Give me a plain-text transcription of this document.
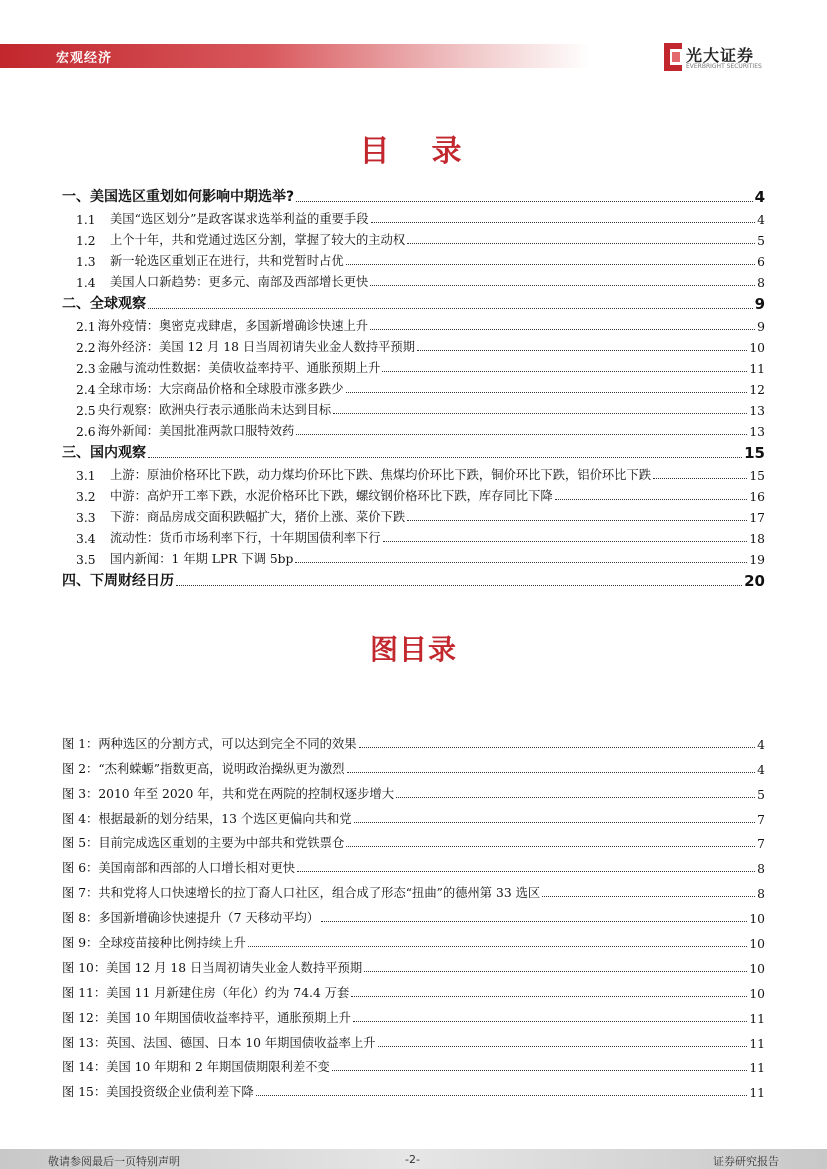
宏观经济	光大证券
EVERBRIGHT SECURITIES
目　录
一、美国选区重划如何影响中期选举?	4
1.1	美国“选区划分”是政客谋求选举利益的重要手段	4
1.2	上个十年，共和党通过选区分割，掌握了较大的主动权	5
1.3	新一轮选区重划正在进行，共和党暂时占优	6
1.4	美国人口新趋势：更多元、南部及西部增长更快	8
二、全球观察	9
2.1 海外疫情：奥密克戎肆虐，多国新增确诊快速上升	9
2.2 海外经济：美国 12 月 18 日当周初请失业金人数持平预期	10
2.3 金融与流动性数据：美债收益率持平、通胀预期上升	11
2.4 全球市场：大宗商品价格和全球股市涨多跌少	12
2.5 央行观察：欧洲央行表示通胀尚未达到目标	13
2.6 海外新闻：美国批准两款口服特效药	13
三、国内观察	15
3.1	上游：原油价格环比下跌，动力煤均价环比下跌、焦煤均价环比下跌，铜价环比下跌，铝价环比下跌	15
3.2	中游：高炉开工率下跌，水泥价格环比下跌，螺纹钢价格环比下跌，库存同比下降	16
3.3	下游：商品房成交面积跌幅扩大，猪价上涨、菜价下跌	17
3.4	流动性：货币市场利率下行，十年期国债利率下行	18
3.5	国内新闻：1 年期 LPR 下调 5bp	19
四、下周财经日历	20
图目录
图 1：两种选区的分割方式，可以达到完全不同的效果	4
图 2：“杰利蝾螈”指数更高，说明政治操纵更为激烈	4
图 3：2010 年至 2020 年，共和党在两院的控制权逐步增大	5
图 4：根据最新的划分结果，13 个选区更偏向共和党	7
图 5：目前完成选区重划的主要为中部共和党铁票仓	7
图 6：美国南部和西部的人口增长相对更快	8
图 7：共和党将人口快速增长的拉丁裔人口社区，组合成了形态“扭曲”的德州第 33 选区	8
图 8：多国新增确诊快速提升（7 天移动平均）	10
图 9：全球疫苗接种比例持续上升	10
图 10：美国 12 月 18 日当周初请失业金人数持平预期	10
图 11：美国 11 月新建住房（年化）约为 74.4 万套	10
图 12：美国 10 年期国债收益率持平，通胀预期上升	11
图 13：英国、法国、德国、日本 10 年期国债收益率上升	11
图 14：美国 10 年期和 2 年期国债期限利差不变	11
图 15：美国投资级企业债利差下降	11
敬请参阅最后一页特别声明	-2-	证券研究报告
